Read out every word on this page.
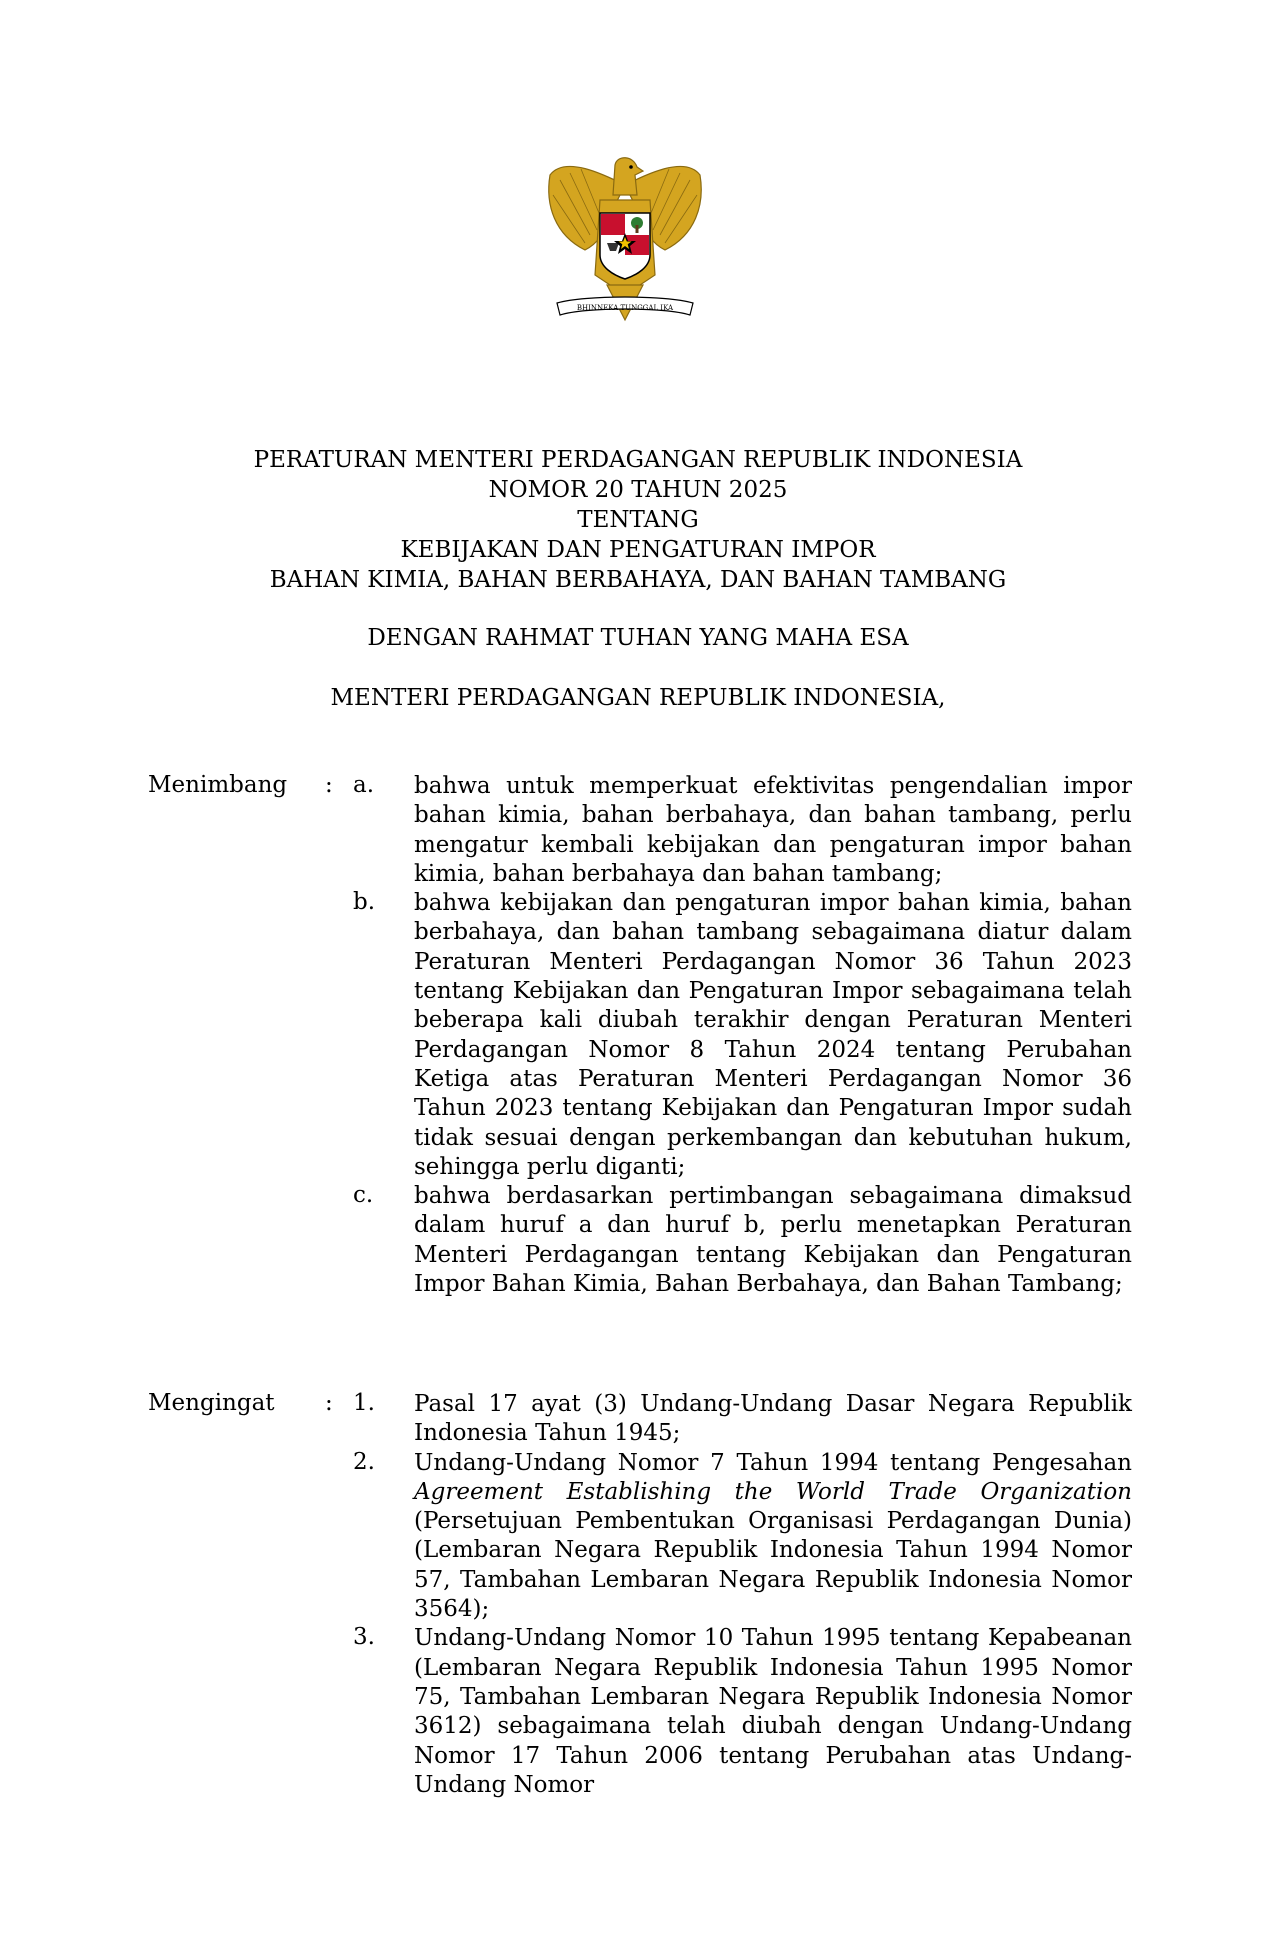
BHINNEKA TUNGGAL IKA
PERATURAN MENTERI PERDAGANGAN REPUBLIK INDONESIA
NOMOR 20 TAHUN 2025
TENTANG
KEBIJAKAN DAN PENGATURAN IMPOR
BAHAN KIMIA, BAHAN BERBAHAYA, DAN BAHAN TAMBANG
DENGAN RAHMAT TUHAN YANG MAHA ESA
MENTERI PERDAGANGAN REPUBLIK INDONESIA,
Menimbang : a.	bahwa untuk memperkuat efektivitas pengendalian impor bahan kimia, bahan berbahaya, dan bahan tambang, perlu mengatur kembali kebijakan dan pengaturan impor bahan kimia, bahan berbahaya dan bahan tambang;
b.	bahwa kebijakan dan pengaturan impor bahan kimia, bahan berbahaya, dan bahan tambang sebagaimana diatur dalam Peraturan Menteri Perdagangan Nomor 36 Tahun 2023 tentang Kebijakan dan Pengaturan Impor sebagaimana telah beberapa kali diubah terakhir dengan Peraturan Menteri Perdagangan Nomor 8 Tahun 2024 tentang Perubahan Ketiga atas Peraturan Menteri Perdagangan Nomor 36 Tahun 2023 tentang Kebijakan dan Pengaturan Impor sudah tidak sesuai dengan perkembangan dan kebutuhan hukum, sehingga perlu diganti;
c.	bahwa berdasarkan pertimbangan sebagaimana dimaksud dalam huruf a dan huruf b, perlu menetapkan Peraturan Menteri Perdagangan tentang Kebijakan dan Pengaturan Impor Bahan Kimia, Bahan Berbahaya, dan Bahan Tambang;
Mengingat : 1.	Pasal 17 ayat (3) Undang-Undang Dasar Negara Republik Indonesia Tahun 1945;
2.	Undang-Undang Nomor 7 Tahun 1994 tentang Pengesahan Agreement Establishing the World Trade Organization (Persetujuan Pembentukan Organisasi Perdagangan Dunia) (Lembaran Negara Republik Indonesia Tahun 1994 Nomor 57, Tambahan Lembaran Negara Republik Indonesia Nomor 3564);
3.	Undang-Undang Nomor 10 Tahun 1995 tentang Kepabeanan (Lembaran Negara Republik Indonesia Tahun 1995 Nomor 75, Tambahan Lembaran Negara Republik Indonesia Nomor 3612) sebagaimana telah diubah dengan Undang-Undang Nomor 17 Tahun 2006 tentang Perubahan atas Undang-Undang Nomor
